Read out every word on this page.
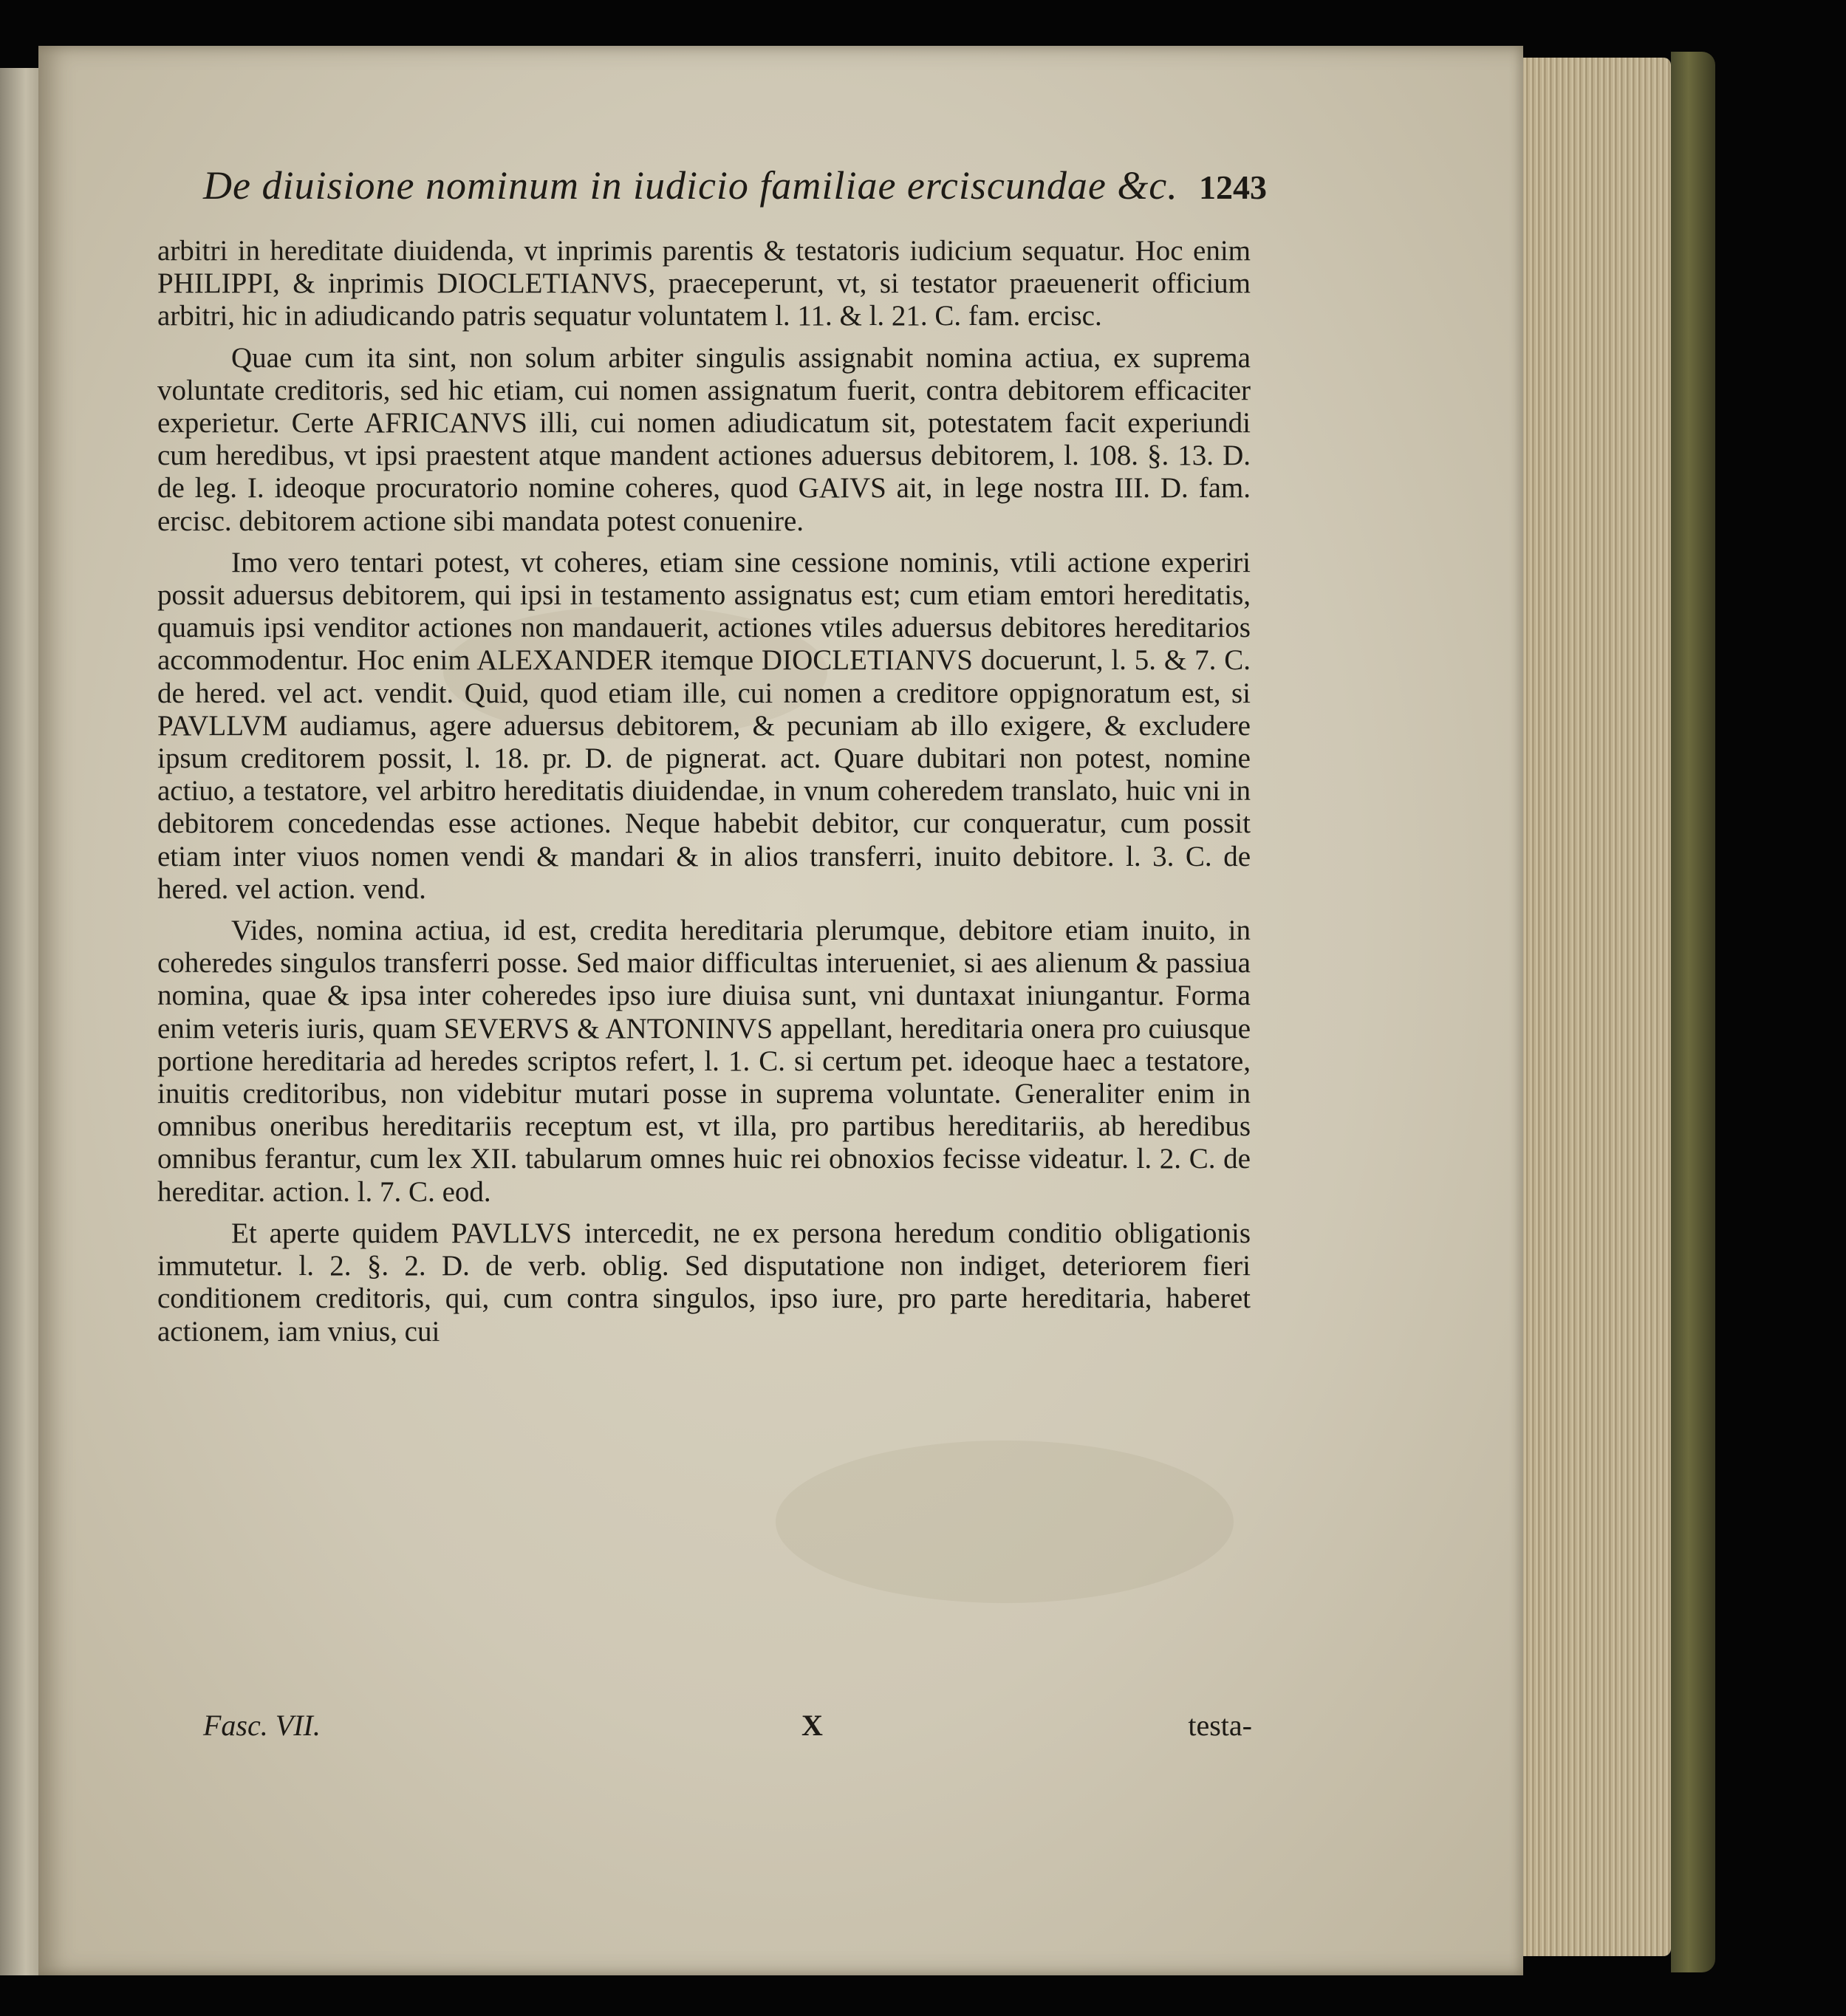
De diuisione nominum in iudicio familiae erciscundae &c. 1243

arbitri in hereditate diuidenda, vt inprimis parentis & testatoris iudicium sequatur. Hoc enim PHILIPPI, & inprimis DIOCLETIANVS, praeceperunt, vt, si testator praeuenerit officium arbitri, hic in adiudicando patris sequatur voluntatem l. 11. & l. 21. C. fam. ercisc.

Quae cum ita sint, non solum arbiter singulis assignabit nomina actiua, ex suprema voluntate creditoris, sed hic etiam, cui nomen assignatum fuerit, contra debitorem efficaciter experietur. Certe AFRICANVS illi, cui nomen adiudicatum sit, potestatem facit experiundi cum heredibus, vt ipsi praestent atque mandent actiones aduersus debitorem, l. 108. §. 13. D. de leg. I. ideoque procuratorio nomine coheres, quod GAIVS ait, in lege nostra III. D. fam. ercisc. debitorem actione sibi mandata potest conuenire.

Imo vero tentari potest, vt coheres, etiam sine cessione nominis, vtili actione experiri possit aduersus debitorem, qui ipsi in testamento assignatus est; cum etiam emtori hereditatis, quamuis ipsi venditor actiones non mandauerit, actiones vtiles aduersus debitores hereditarios accommodentur. Hoc enim ALEXANDER itemque DIOCLETIANVS docuerunt, l. 5. & 7. C. de hered. vel act. vendit. Quid, quod etiam ille, cui nomen a creditore oppignoratum est, si PAVLLVM audiamus, agere aduersus debitorem, & pecuniam ab illo exigere, & excludere ipsum creditorem possit, l. 18. pr. D. de pignerat. act. Quare dubitari non potest, nomine actiuo, a testatore, vel arbitro hereditatis diuidendae, in vnum coheredem translato, huic vni in debitorem concedendas esse actiones. Neque habebit debitor, cur conqueratur, cum possit etiam inter viuos nomen vendi & mandari & in alios transferri, inuito debitore. l. 3. C. de hered. vel action. vend.

Vides, nomina actiua, id est, credita hereditaria plerumque, debitore etiam inuito, in coheredes singulos transferri posse. Sed maior difficultas interueniet, si aes alienum & passiua nomina, quae & ipsa inter coheredes ipso iure diuisa sunt, vni duntaxat iniungantur. Forma enim veteris iuris, quam SEVERVS & ANTONINVS appellant, hereditaria onera pro cuiusque portione hereditaria ad heredes scriptos refert, l. 1. C. si certum pet. ideoque haec a testatore, inuitis creditoribus, non videbitur mutari posse in suprema voluntate. Generaliter enim in omnibus oneribus hereditariis receptum est, vt illa, pro partibus hereditariis, ab heredibus omnibus ferantur, cum lex XII. tabularum omnes huic rei obnoxios fecisse videatur. l. 2. C. de hereditar. action. l. 7. C. eod.

Et aperte quidem PAVLLVS intercedit, ne ex persona heredum conditio obligationis immutetur. l. 2. §. 2. D. de verb. oblig. Sed disputatione non indiget, deteriorem fieri conditionem creditoris, qui, cum contra singulos, ipso iure, pro parte hereditaria, haberet actionem, iam vnius, cui

Fasc. VII.	X	testa-
